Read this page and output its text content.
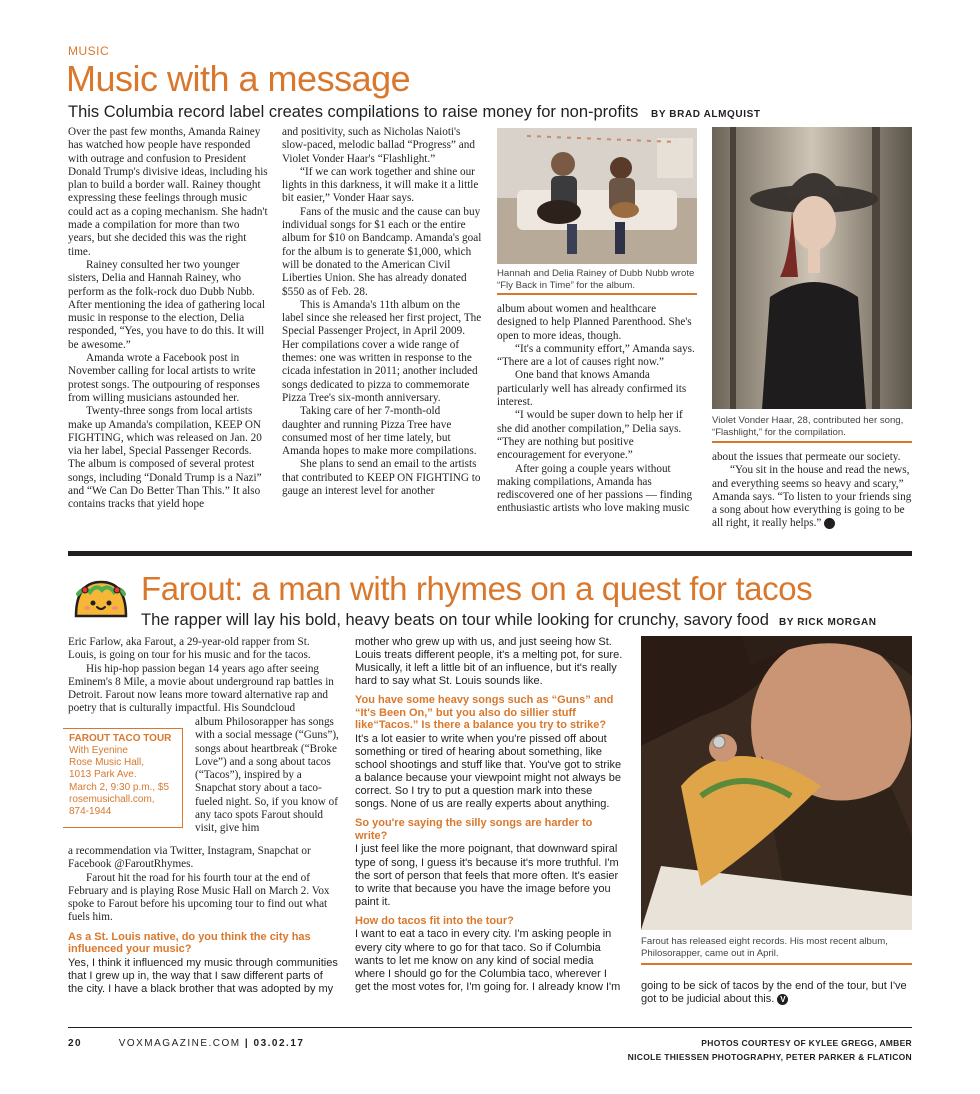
MUSIC
Music with a message
This Columbia record label creates compilations to raise money for non-profits BY BRAD ALMQUIST

Over the past few months, Amanda Rainey has watched how people have responded with outrage and confusion to President Donald Trump's divisive ideas, including his plan to build a border wall. Rainey thought expressing these feelings through music could act as a coping mechanism. She hadn't made a compilation for more than two years, but she decided this was the right time.

Rainey consulted her two younger sisters, Delia and Hannah Rainey, who perform as the folk-rock duo Dubb Nubb. After mentioning the idea of gathering local music in response to the election, Delia responded, “Yes, you have to do this. It will be awesome.”

Amanda wrote a Facebook post in November calling for local artists to write protest songs. The outpouring of responses from willing musicians astounded her.

Twenty-three songs from local artists make up Amanda's compilation, KEEP ON FIGHTING, which was released on Jan. 20 via her label, Special Passenger Records. The album is composed of several protest songs, including “Donald Trump is a Nazi” and “We Can Do Better Than This.” It also contains tracks that yield hope

and positivity, such as Nicholas Naioti's slow-paced, melodic ballad “Progress” and Violet Vonder Haar's “Flashlight.”

“If we can work together and shine our lights in this darkness, it will make it a little bit easier,” Vonder Haar says.

Fans of the music and the cause can buy individual songs for $1 each or the entire album for $10 on Bandcamp. Amanda's goal for the album is to generate $1,000, which will be donated to the American Civil Liberties Union. She has already donated $550 as of Feb. 28.

This is Amanda's 11th album on the label since she released her first project, The Special Passenger Project, in April 2009. Her compilations cover a wide range of themes: one was written in response to the cicada infestation in 2011; another included songs dedicated to pizza to commemorate Pizza Tree's six-month anniversary.

Taking care of her 7-month-old daughter and running Pizza Tree have consumed most of her time lately, but Amanda hopes to make more compilations.

She plans to send an email to the artists that contributed to KEEP ON FIGHTING to gauge an interest level for another

Hannah and Delia Rainey of Dubb Nubb wrote “Fly Back in Time” for the album.

album about women and healthcare designed to help Planned Parenthood. She's open to more ideas, though.

“It's a community effort,” Amanda says. “There are a lot of causes right now.”

One band that knows Amanda particularly well has already confirmed its interest.

“I would be super down to help her if she did another compilation,” Delia says. “They are nothing but positive encouragement for everyone.”

After going a couple years without making compilations, Amanda has rediscovered one of her passions — finding enthusiastic artists who love making music

Violet Vonder Haar, 28, contributed her song, “Flashlight,” for the compilation.

about the issues that permeate our society.

“You sit in the house and read the news, and everything seems so heavy and scary,” Amanda says. “To listen to your friends sing a song about how everything is going to be all right, it really helps.”	V

Farout: a man with rhymes on a quest for tacos
The rapper will lay his bold, heavy beats on tour while looking for crunchy, savory food BY RICK MORGAN

Eric Farlow, aka Farout, a 29-year-old rapper from St. Louis, is going on tour for his music and for the tacos.

His hip-hop passion began 14 years ago after seeing Eminem's 8 Mile, a movie about underground rap battles in Detroit. Farout now leans more toward alternative rap and poetry that is culturally impactful. His Soundcloud

FAROUT TACO TOUR
With Eyenine
Rose Music Hall,
1013 Park Ave.
March 2, 9:30 p.m., $5
rosemusichall.com,
874-1944

album Philosorapper has songs with a social message (“Guns”), songs about heartbreak (“Broke Love”) and a song about tacos (“Tacos”), inspired by a Snapchat story about a taco-fueled night. So, if you know of any taco spots Farout should visit, give him

a recommendation via Twitter, Instagram, Snapchat or Facebook @FaroutRhymes.

Farout hit the road for his fourth tour at the end of February and is playing Rose Music Hall on March 2. Vox spoke to Farout before his upcoming tour to find out what fuels him.

As a St. Louis native, do you think the city has influenced your music?

Yes, I think it influenced my music through communities that I grew up in, the way that I saw different parts of the city. I have a black brother that was adopted by my

mother who grew up with us, and just seeing how St. Louis treats different people, it's a melting pot, for sure. Musically, it left a little bit of an influence, but it's really hard to say what St. Louis sounds like.

You have some heavy songs such as “Guns” and “It's Been On,” but you also do sillier stuff like“Tacos.” Is there a balance you try to strike?

It's a lot easier to write when you're pissed off about something or tired of hearing about something, like school shootings and stuff like that. You've got to strike a balance because your viewpoint might not always be correct. So I try to put a question mark into these songs. None of us are really experts about anything.

So you're saying the silly songs are harder to write?

I just feel like the more poignant, that downward spiral type of song, I guess it's because it's more truthful. I'm the sort of person that feels that more often. It's easier to write that because you have the image before you paint it.

How do tacos fit into the tour?

I want to eat a taco in every city. I'm asking people in every city where to go for that taco. So if Columbia wants to let me know on any kind of social media where I should go for the Columbia taco, wherever I get the most votes for, I'm going for. I already know I'm

Farout has released eight records. His most recent album, Philosorapper, came out in April.

going to be sick of tacos by the end of the tour, but I've got to be judicial about this. V

20	VOXMAGAZINE.COM | 03.02.17	PHOTOS COURTESY OF KYLEE GREGG, AMBER
NICOLE THIESSEN PHOTOGRAPHY, PETER PARKER & FLATICON
